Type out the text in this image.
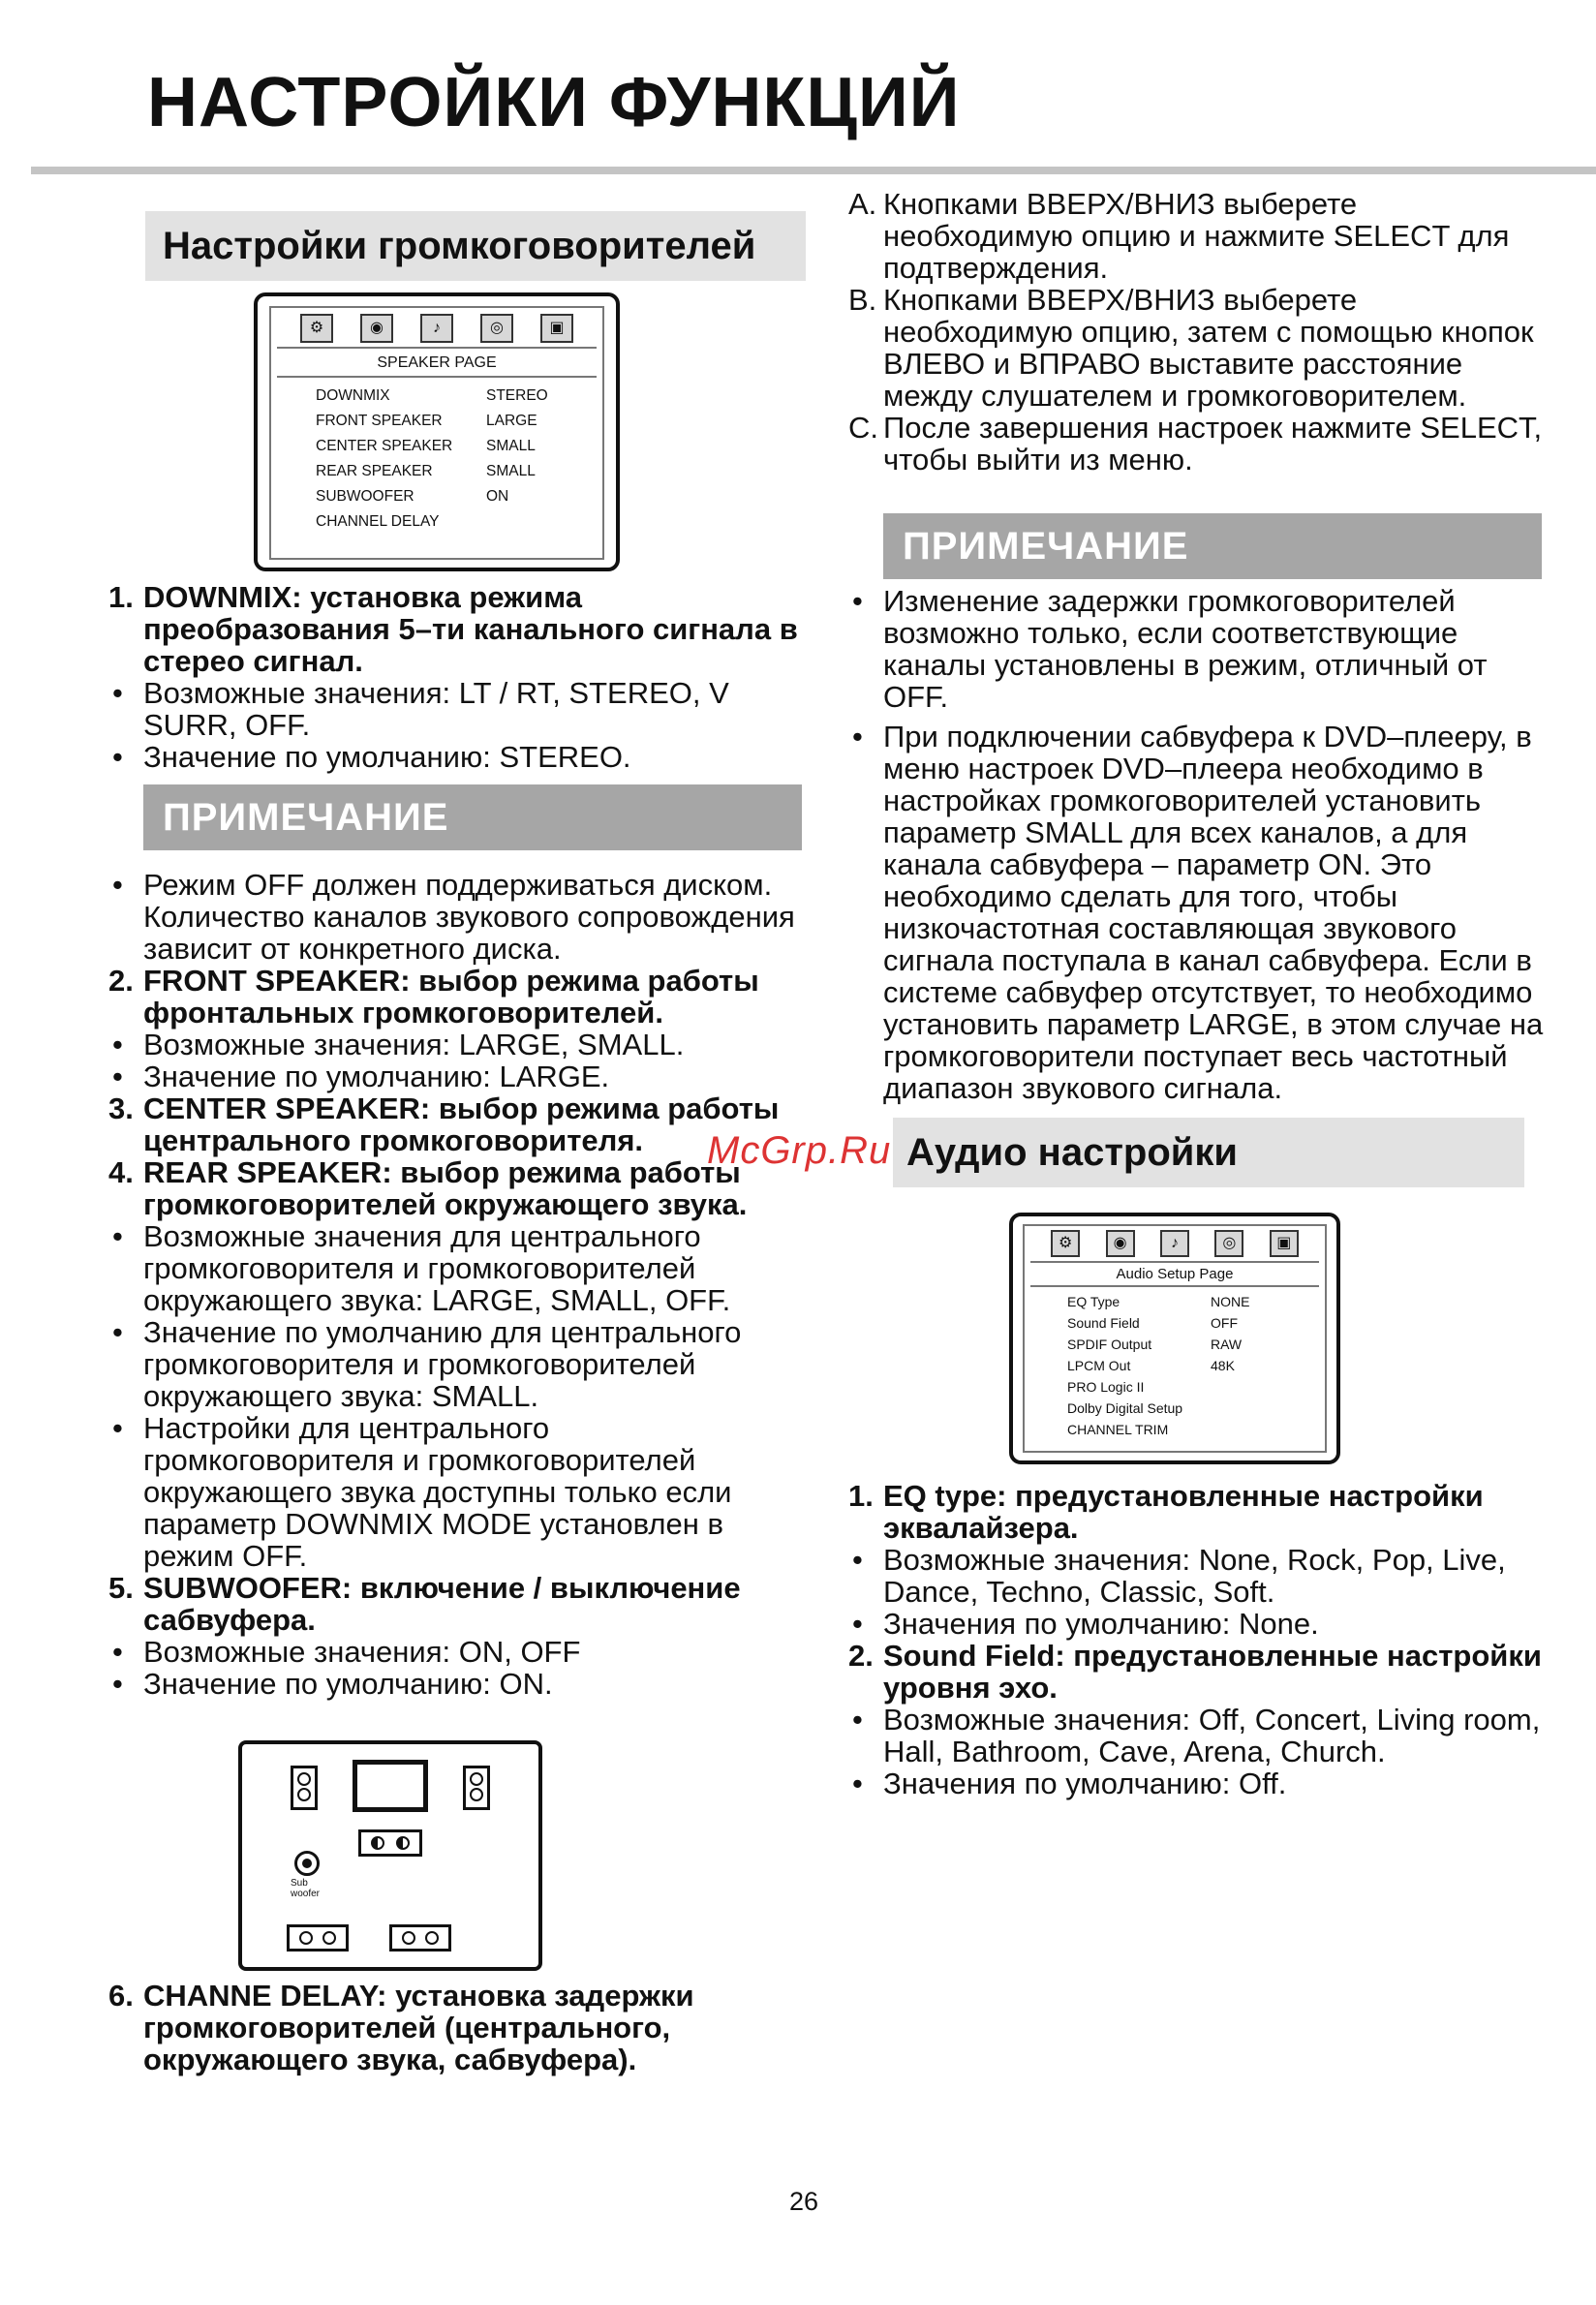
НАСТРОЙКИ ФУНКЦИЙ
Настройки громкоговорителей
⚙	◉	♪	◎	▣
SPEAKER PAGE
DOWNMIX	STEREO
FRONT SPEAKER	LARGE
CENTER SPEAKER	SMALL
REAR SPEAKER	SMALL
SUBWOOFER	ON
CHANNEL DELAY

1. DOWNMIX: установка режима преобразования 5–ти канального сигнала в стерео сигнал.

• Возможные значения: LT / RT, STEREO, V SURR, OFF.

• Значение по умолчанию: STEREO.

ПРИМЕЧАНИЕ

• Режим OFF должен поддерживаться диском. Количество каналов звукового сопровождения зависит от конкретного диска.

2. FRONT SPEAKER: выбор режима работы фронтальных громкоговорителей.

• Возможные значения: LARGE, SMALL.

• Значение по умолчанию: LARGE.

3. CENTER SPEAKER: выбор режима работы центрального громкоговорителя.

4. REAR SPEAKER: выбор режима работы громкоговорителей окружающего звука.

• Возможные значения для центрального громкоговорителя и громкоговорителей окружающего звука: LARGE, SMALL, OFF.

• Значение по умолчанию для центрального громкоговорителя и громкоговорителей окружающего звука: SMALL.

• Настройки для центрального громкоговорителя и громкоговорителей окружающего звука доступны только если параметр DOWNMIX MODE установлен в режим OFF.

5. SUBWOOFER: включение / выключение сабвуфера.

• Возможные значения: ON, OFF

• Значение по умолчанию: ON.

Sub
woofer

6. CHANNE DELAY: установка задержки громкоговорителей (центрального, окружающего звука, сабвуфера).

A. Кнопками ВВЕРХ/ВНИЗ выберете необходимую опцию и нажмите SELECT для подтверждения.

B. Кнопками ВВЕРХ/ВНИЗ выберете необходимую опцию, затем с помощью кнопок ВЛЕВО и ВПРАВО выставите расстояние между слушателем и громкоговорителем.

C. После завершения настроек нажмите SELECT, чтобы выйти из меню.

ПРИМЕЧАНИЕ

• Изменение задержки громкоговорителей возможно только, если соответствующие каналы установлены в режим, отличный от OFF.

• При подключении сабвуфера к DVD–плееру, в меню настроек DVD–плеера необходимо в настройках громкоговорителей установить параметр SMALL для всех каналов, а для канала сабвуфера – параметр ON. Это необходимо сделать для того, чтобы низкочастотная составляющая звукового сигнала поступала в канал сабвуфера. Если в системе сабвуфер отсутствует, то необходимо установить параметр LARGE, в этом случае на громкоговорители поступает весь частотный диапазон звукового сигнала.

McGrp.Ru Аудио настройки
⚙	◉	♪	◎	▣
Audio Setup Page
EQ Type	NONE
Sound Field	OFF
SPDIF Output	RAW
LPCM Out	48K
PRO Logic II
Dolby Digital Setup
CHANNEL TRIM

1. EQ type: предустановленные настройки эквалайзера.

• Возможные значения: None, Rock, Pop, Live, Dance, Techno, Classic, Soft.

• Значения по умолчанию: None.

2. Sound Field: предустановленные настройки уровня эхо.

• Возможные значения: Off, Concert, Living room, Hall, Bathroom, Cave, Arena, Church.

• Значения по умолчанию: Off.

26
